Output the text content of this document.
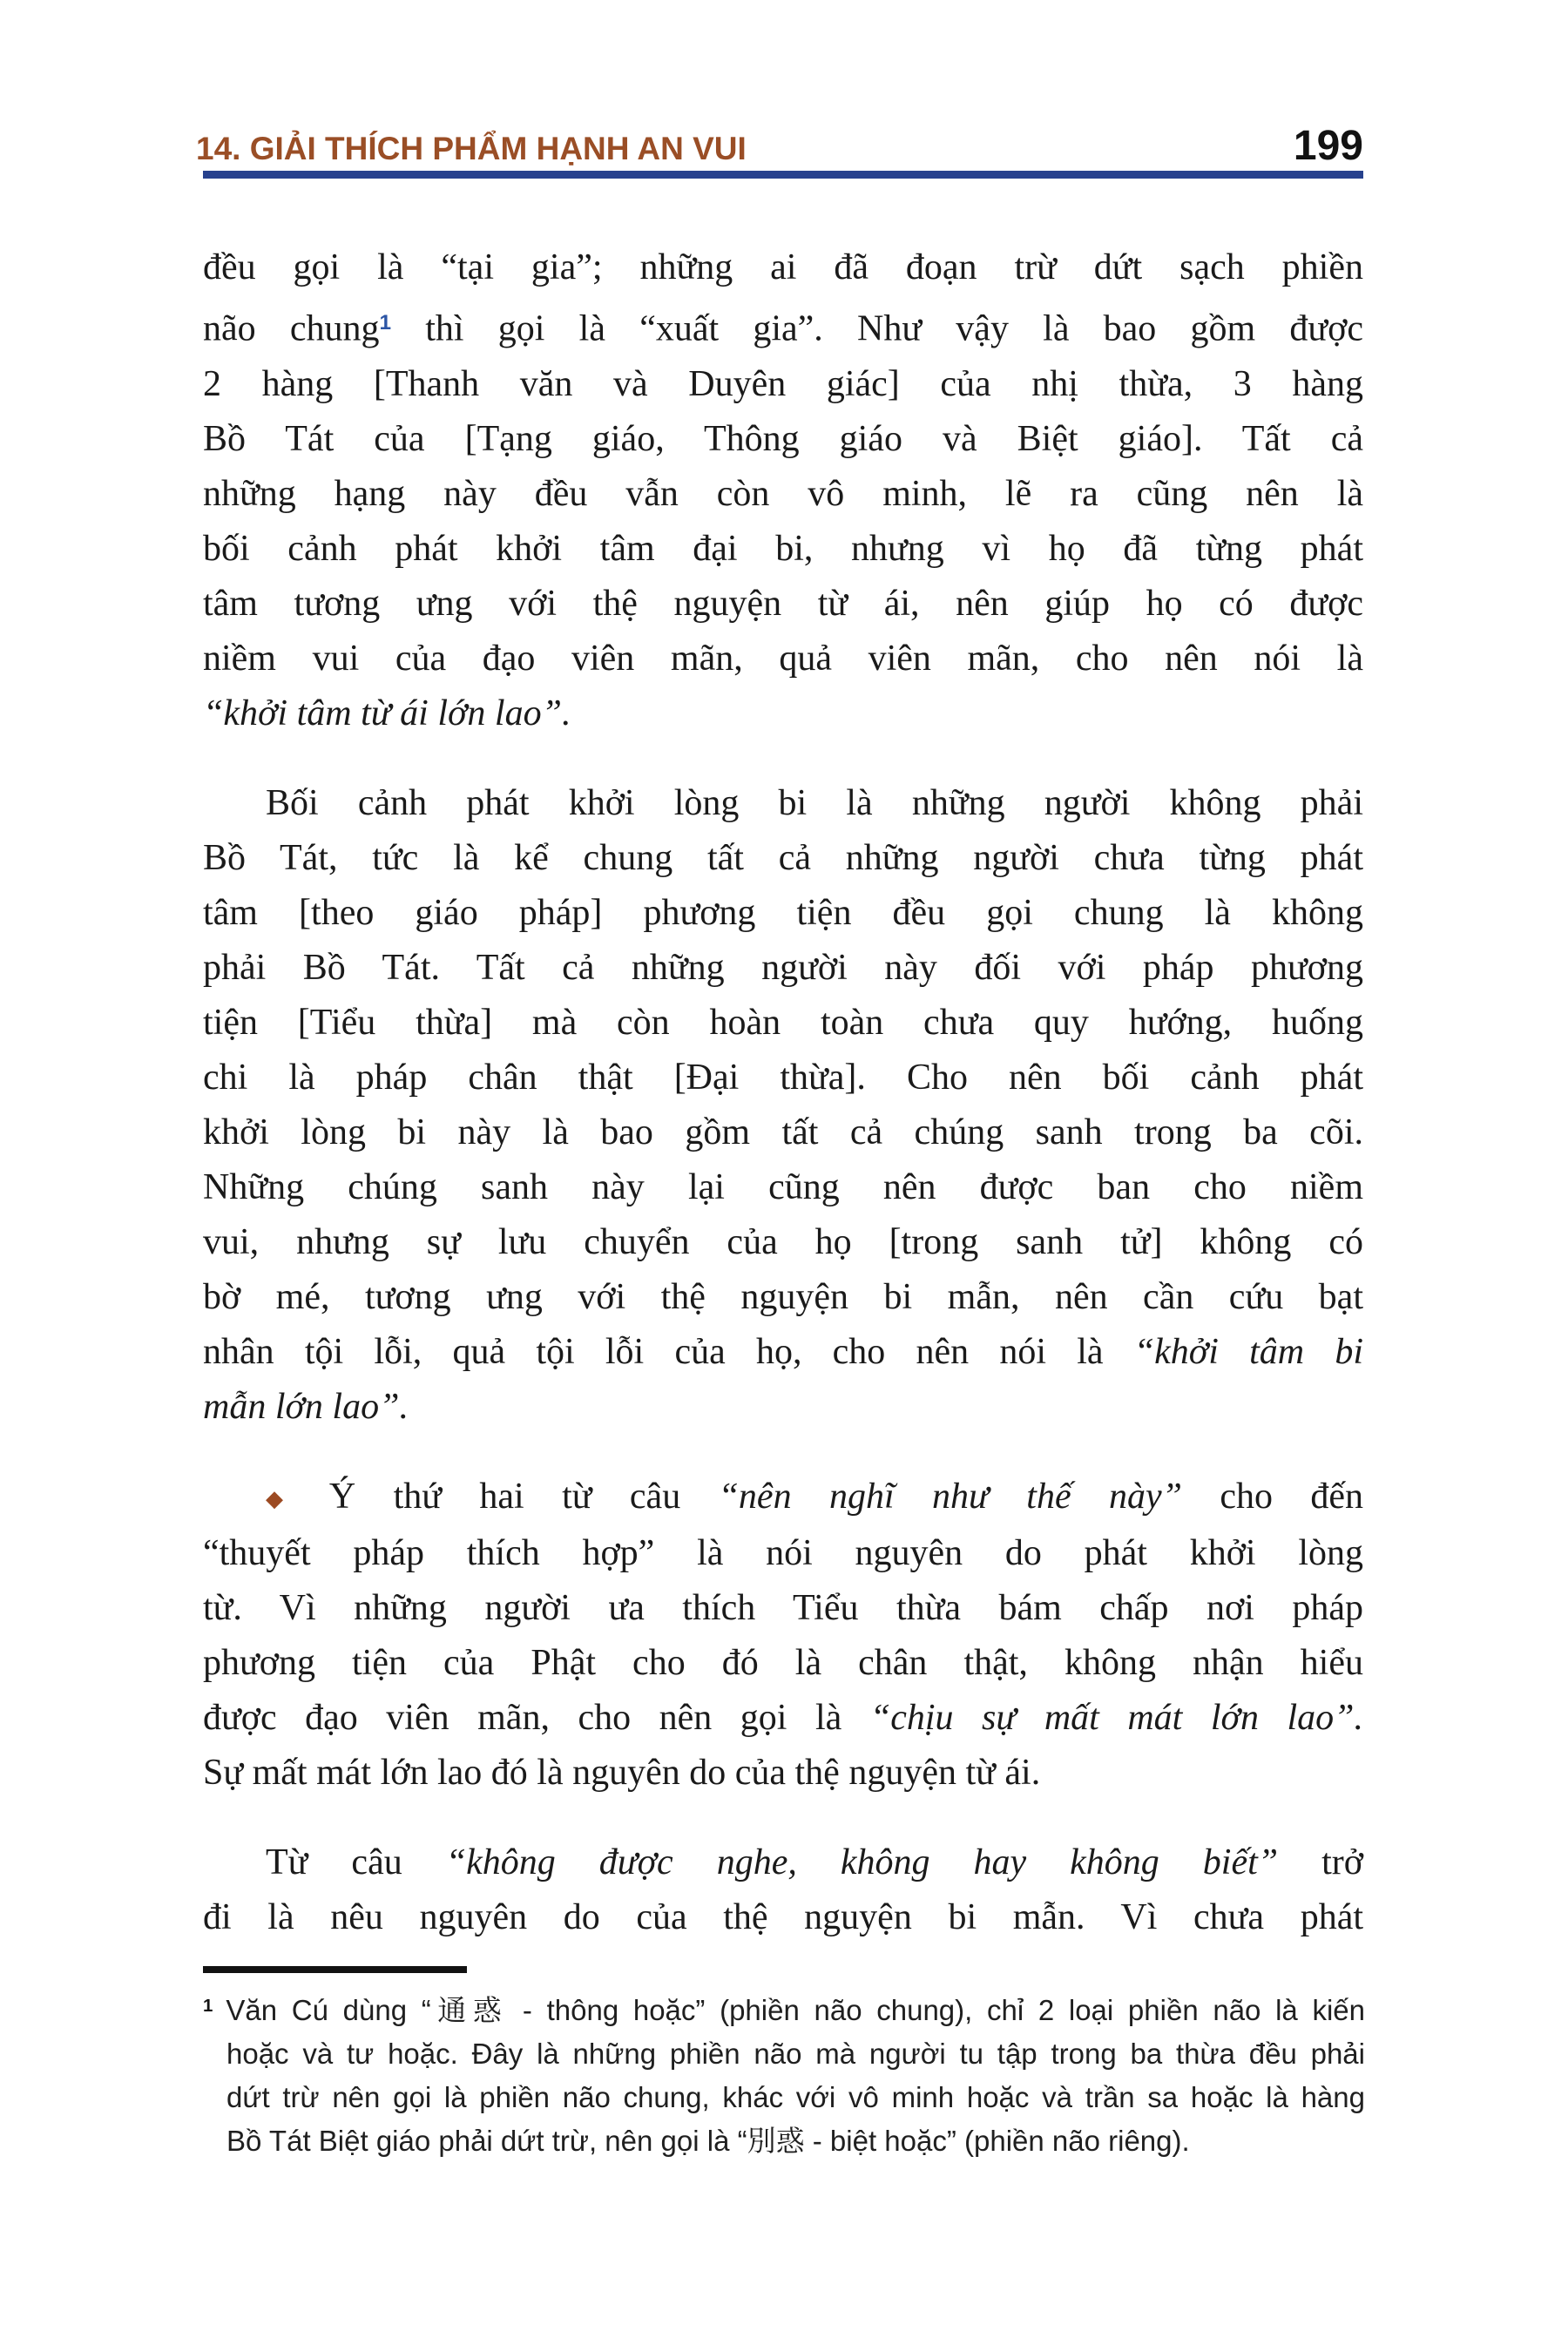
14. GIẢI THÍCH PHẨM HẠNH AN VUI	199
đều gọi là “tại gia”; những ai đã đoạn trừ dứt sạch phiền
não chung$^1$ thì gọi là “xuất gia”. Như vậy là bao gồm được
2 hàng [Thanh văn và Duyên giác] của nhị thừa, 3 hàng
Bồ Tát của [Tạng giáo, Thông giáo và Biệt giáo]. Tất cả
những hạng này đều vẫn còn vô minh, lẽ ra cũng nên là
bối cảnh phát khởi tâm đại bi, nhưng vì họ đã từng phát
tâm tương ưng với thệ nguyện từ ái, nên giúp họ có được
niềm vui của đạo viên mãn, quả viên mãn, cho nên nói là
“khởi tâm từ ái lớn lao”.
Bối cảnh phát khởi lòng bi là những người không phải
Bồ Tát, tức là kể chung tất cả những người chưa từng phát
tâm [theo giáo pháp] phương tiện đều gọi chung là không
phải Bồ Tát. Tất cả những người này đối với pháp phương
tiện [Tiểu thừa] mà còn hoàn toàn chưa quy hướng, huống
chi là pháp chân thật [Đại thừa]. Cho nên bối cảnh phát
khởi lòng bi này là bao gồm tất cả chúng sanh trong ba cõi.
Những chúng sanh này lại cũng nên được ban cho niềm
vui, nhưng sự lưu chuyển của họ [trong sanh tử] không có
bờ mé, tương ưng với thệ nguyện bi mẫn, nên cần cứu bạt
nhân tội lỗi, quả tội lỗi của họ, cho nên nói là “khởi tâm bi
mẫn lớn lao”.
◆ Ý thứ hai từ câu “nên nghĩ như thế này” cho đến
“thuyết pháp thích hợp” là nói nguyên do phát khởi lòng
từ. Vì những người ưa thích Tiểu thừa bám chấp nơi pháp
phương tiện của Phật cho đó là chân thật, không nhận hiểu
được đạo viên mãn, cho nên gọi là “chịu sự mất mát lớn lao”.
Sự mất mát lớn lao đó là nguyên do của thệ nguyện từ ái.
Từ câu “không được nghe, không hay không biết” trở
đi là nêu nguyên do của thệ nguyện bi mẫn. Vì chưa phát
$^1$ Văn Cú dùng “通惑 - thông hoặc” (phiền não chung), chỉ 2 loại phiền não là kiến
hoặc và tư hoặc. Đây là những phiền não mà người tu tập trong ba thừa đều phải
dứt trừ nên gọi là phiền não chung, khác với vô minh hoặc và trần sa hoặc là hàng
Bồ Tát Biệt giáo phải dứt trừ, nên gọi là “別惑 - biệt hoặc” (phiền não riêng).
